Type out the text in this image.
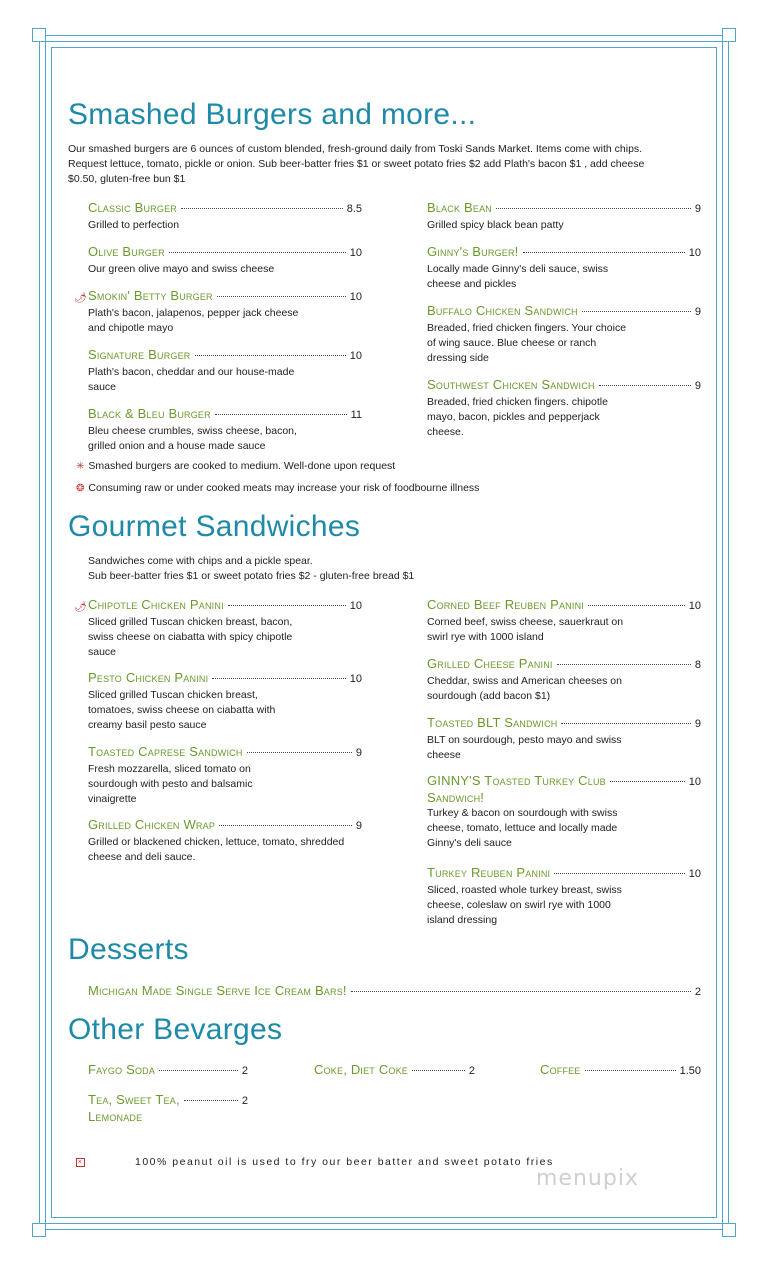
Smashed Burgers and more...
Our smashed burgers are 6 ounces of custom blended, fresh-ground daily from Toski Sands Market. Items come with chips.
Request lettuce, tomato, pickle or onion. Sub beer-batter fries $1 or sweet potato fries $2 add Plath's bacon $1 , add cheese
$0.50, gluten-free bun $1
Classic Burger	8.5
Grilled to perfection
Olive Burger	10
Our green olive mayo and swiss cheese
🌶︎ Smokin' Betty Burger	10
Plath's bacon, jalapenos, pepper jack cheese
and chipotle mayo
Signature Burger	10
Plath's bacon, cheddar and our house-made
sauce
Black & Bleu Burger	11
Bleu cheese crumbles, swiss cheese, bacon,
grilled onion and a house made sauce
Black Bean	9
Grilled spicy black bean patty
Ginny's Burger!	10
Locally made Ginny's deli sauce, swiss
cheese and pickles
Buffalo Chicken Sandwich	9
Breaded, fried chicken fingers. Your choice
of wing sauce. Blue cheese or ranch
dressing side
Southwest Chicken Sandwich	9
Breaded, fried chicken fingers. chipotle
mayo, bacon, pickles and pepperjack
cheese.
✳ Smashed burgers are cooked to medium. Well-done upon request
❂ Consuming raw or under cooked meats may increase your risk of foodbourne illness
Gourmet Sandwiches
Sandwiches come with chips and a pickle spear.
Sub beer-batter fries $1 or sweet potato fries $2 - gluten-free bread $1
🌶︎ Chipotle Chicken Panini	10
Sliced grilled Tuscan chicken breast, bacon,
swiss cheese on ciabatta with spicy chipotle
sauce
Pesto Chicken Panini	10
Sliced grilled Tuscan chicken breast,
tomatoes, swiss cheese on ciabatta with
creamy basil pesto sauce
Toasted Caprese Sandwich	9
Fresh mozzarella, sliced tomato on
sourdough with pesto and balsamic
vinaigrette
Grilled Chicken Wrap	9
Grilled or blackened chicken, lettuce, tomato, shredded
cheese and deli sauce.
Corned Beef Reuben Panini	10
Corned beef, swiss cheese, sauerkraut on
swirl rye with 1000 island
Grilled Cheese Panini	8
Cheddar, swiss and American cheeses on
sourdough (add bacon $1)
Toasted BLT Sandwich	9
BLT on sourdough, pesto mayo and swiss
cheese
GINNY'S Toasted Turkey Club	10
Sandwich!
Turkey & bacon on sourdough with swiss
cheese, tomato, lettuce and locally made
Ginny's deli sauce
Turkey Reuben Panini	10
Sliced, roasted whole turkey breast, swiss
cheese, coleslaw on swirl rye with 1000
island dressing
Desserts
Michigan Made Single Serve Ice Cream Bars!	2
Other Bevarges
Faygo Soda	2	Coke, Diet Coke	2	Coffee	1.50
Tea, Sweet Tea,	2
Lemonade
×	100% peanut oil is used to fry our beer batter and sweet potato fries
menupix
